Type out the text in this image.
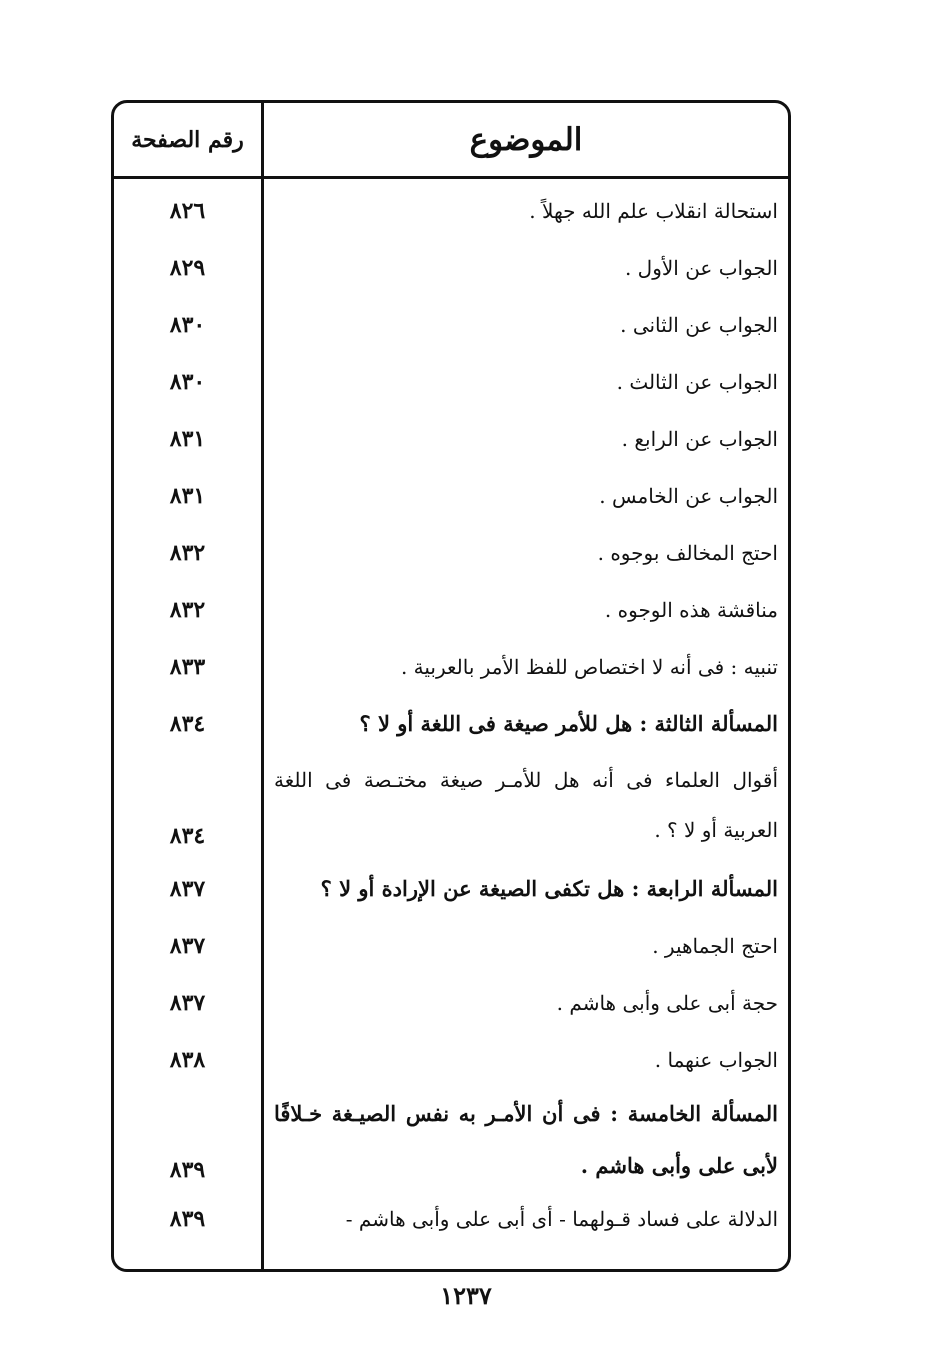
الموضوع
رقم الصفحة
استحالة انقلاب علم الله جهلاً .
٨٢٦
الجواب عن الأول .
٨٢٩
الجواب عن الثانى .
٨٣٠
الجواب عن الثالث .
٨٣٠
الجواب عن الرابع .
٨٣١
الجواب عن الخامس .
٨٣١
احتج المخالف بوجوه .
٨٣٢
مناقشة هذه الوجوه .
٨٣٢
تنبيه : فى أنه لا اختصاص للفظ الأمر بالعربية .
٨٣٣
المسألة الثالثة : هل للأمر صيغة فى اللغة أو لا ؟
٨٣٤
أقوال العلماء فى أنه هل للأمـر صيغة مختـصة فى اللغة العربية أو لا ؟ .
٨٣٤
المسألة الرابعة : هل تكفى الصيغة عن الإرادة أو لا ؟
٨٣٧
احتج الجماهير .
٨٣٧
حجة أبى على وأبى هاشم .
٨٣٧
الجواب عنهما .
٨٣٨
المسألة الخامسة : فى أن الأمـر به نفس الصيـغة خـلافًا لأبى على وأبى هاشم .
٨٣٩
الدلالة على فساد قـولهما - أى أبى على وأبى هاشم -
٨٣٩
١٢٣٧
